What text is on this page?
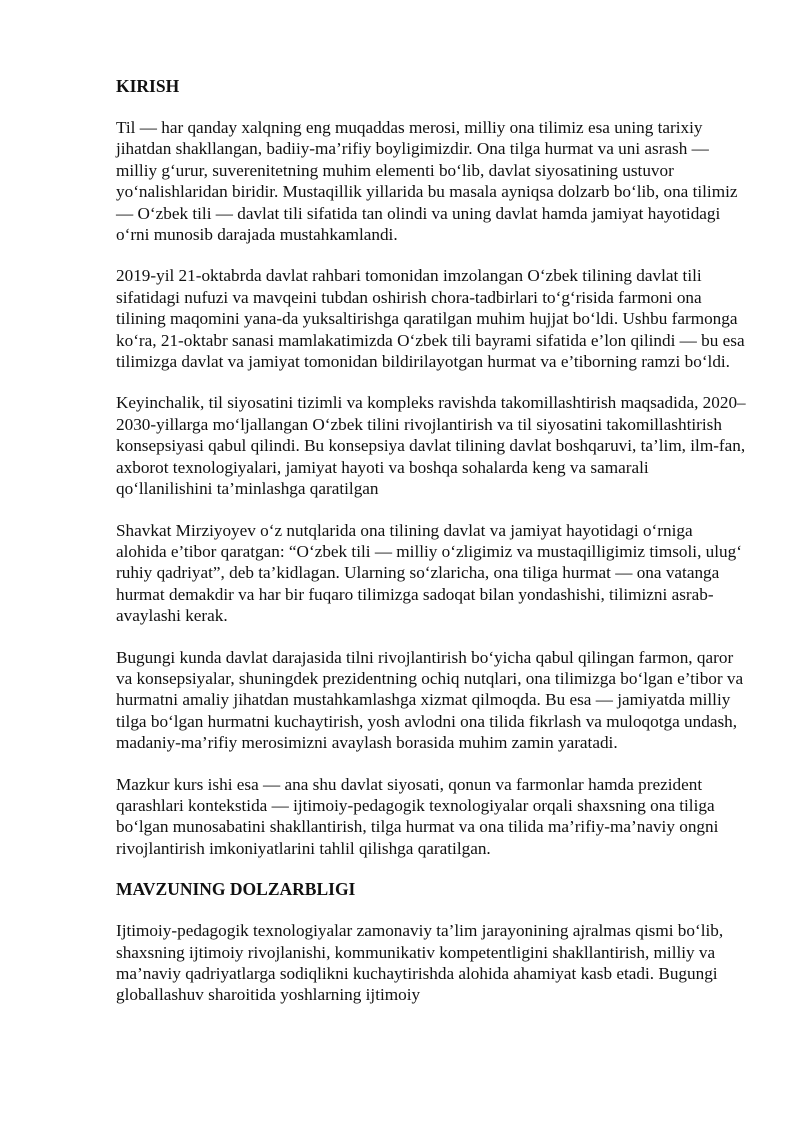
KIRISH

Til — har qanday xalqning eng muqaddas merosi, milliy ona tilimiz esa uning tarixiy jihatdan shakllangan, badiiy-ma’rifiy boyligimizdir. Ona tilga hurmat va uni asrash — milliy g‘urur, suverenitetning muhim elementi bo‘lib, davlat siyosatining ustuvor yo‘nalishlaridan biridir. Mustaqillik yillarida bu masala ayniqsa dolzarb bo‘lib, ona tilimiz — O‘zbek tili — davlat tili sifatida tan olindi va uning davlat hamda jamiyat hayotidagi o‘rni munosib darajada mustahkamlandi.

2019-yil 21-oktabrda davlat rahbari tomonidan imzolangan O‘zbek tilining davlat tili sifatidagi nufuzi va mavqeini tubdan oshirish chora-tadbirlari to‘g‘risida farmoni ona tilining maqomini yana-da yuksaltirishga qaratilgan muhim hujjat bo‘ldi. Ushbu farmonga ko‘ra, 21-oktabr sanasi mamlakatimizda O‘zbek tili bayrami sifatida e’lon qilindi — bu esa tilimizga davlat va jamiyat tomonidan bildirilayotgan hurmat va e’tiborning ramzi bo‘ldi.

Keyinchalik, til siyosatini tizimli va kompleks ravishda takomillashtirish maqsadida, 2020–2030-yillarga mo‘ljallangan O‘zbek tilini rivojlantirish va til siyosatini takomillashtirish konsepsiyasi qabul qilindi. Bu konsepsiya davlat tilining davlat boshqaruvi, ta’lim, ilm-fan, axborot texnologiyalari, jamiyat hayoti va boshqa sohalarda keng va samarali qo‘llanilishini ta’minlashga qaratilgan

Shavkat Mirziyoyev o‘z nutqlarida ona tilining davlat va jamiyat hayotidagi o‘rniga alohida e’tibor qaratgan: “O‘zbek tili — milliy o‘zligimiz va mustaqilligimiz timsoli, ulug‘ ruhiy qadriyat”, deb ta’kidlagan. Ularning so‘zlaricha, ona tiliga hurmat — ona vatanga hurmat demakdir va har bir fuqaro tilimizga sadoqat bilan yondashishi, tilimizni asrab-avaylashi kerak.

Bugungi kunda davlat darajasida tilni rivojlantirish bo‘yicha qabul qilingan farmon, qaror va konsepsiyalar, shuningdek prezidentning ochiq nutqlari, ona tilimizga bo‘lgan e’tibor va hurmatni amaliy jihatdan mustahkamlashga xizmat qilmoqda. Bu esa — jamiyatda milliy tilga bo‘lgan hurmatni kuchaytirish, yosh avlodni ona tilida fikrlash va muloqotga undash, madaniy-ma’rifiy merosimizni avaylash borasida muhim zamin yaratadi.

Mazkur kurs ishi esa — ana shu davlat siyosati, qonun va farmonlar hamda prezident qarashlari kontekstida — ijtimoiy-pedagogik texnologiyalar orqali shaxsning ona tiliga bo‘lgan munosabatini shakllantirish, tilga hurmat va ona tilida ma’rifiy-ma’naviy ongni rivojlantirish imkoniyatlarini tahlil qilishga qaratilgan.

MAVZUNING DOLZARBLIGI

Ijtimoiy-pedagogik texnologiyalar zamonaviy ta’lim jarayonining ajralmas qismi bo‘lib, shaxsning ijtimoiy rivojlanishi, kommunikativ kompetentligini shakllantirish, milliy va ma’naviy qadriyatlarga sodiqlikni kuchaytirishda alohida ahamiyat kasb etadi. Bugungi globallashuv sharoitida yoshlarning ijtimoiy
